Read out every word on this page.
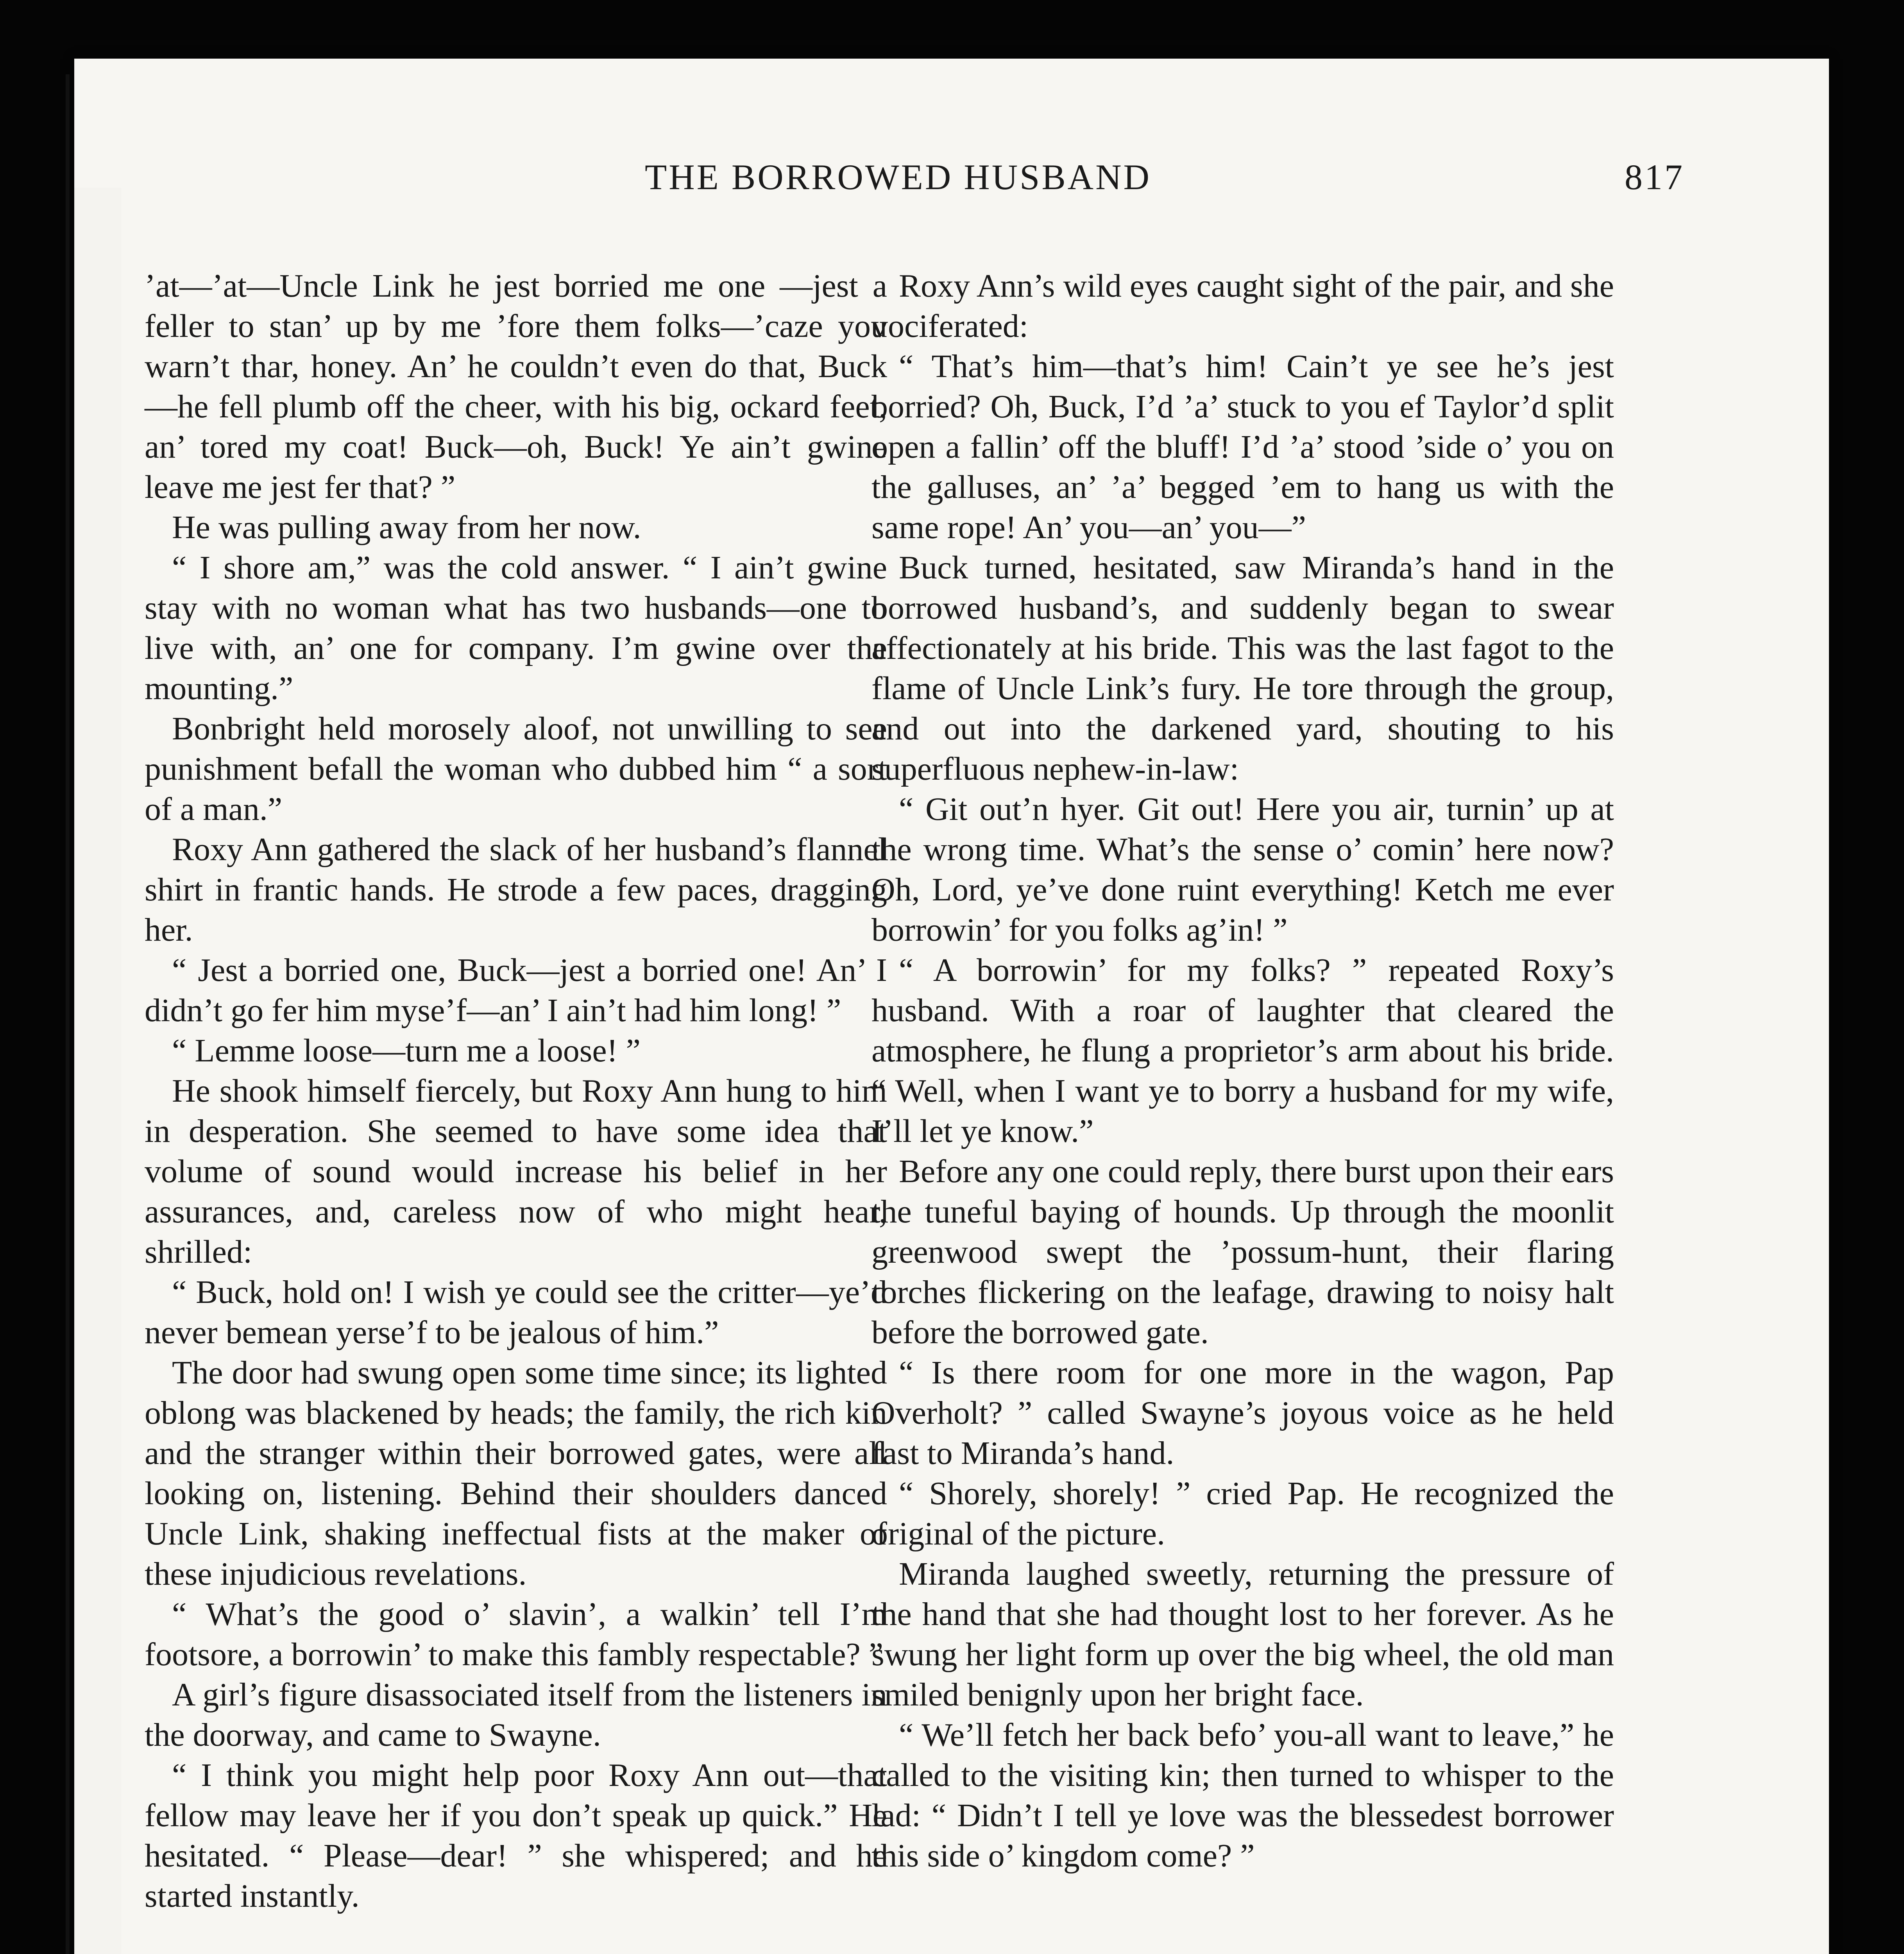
THE BORROWED HUSBAND	817

’at—’at—Uncle Link he jest borried me one —jest a feller to stan’ up by me ’fore them folks—’caze you warn’t thar, honey. An’ he couldn’t even do that, Buck—he fell plumb off the cheer, with his big, ockard feet, an’ tored my coat! Buck—oh, Buck! Ye ain’t gwine leave me jest fer that? ”

He was pulling away from her now.

“ I shore am,” was the cold answer. “ I ain’t gwine stay with no woman what has two husbands—one to live with, an’ one for company. I’m gwine over the mounting.”

Bonbright held morosely aloof, not unwilling to see punishment befall the woman who dubbed him “ a sort of a man.”

Roxy Ann gathered the slack of her husband’s flannel shirt in frantic hands. He strode a few paces, dragging her.

“ Jest a borried one, Buck—jest a borried one! An’ I didn’t go fer him myse’f—an’ I ain’t had him long! ”

“ Lemme loose—turn me a loose! ”

He shook himself fiercely, but Roxy Ann hung to him in desperation. She seemed to have some idea that volume of sound would increase his belief in her assurances, and, careless now of who might hear, shrilled:

“ Buck, hold on! I wish ye could see the critter—ye’d never bemean yerse’f to be jealous of him.”

The door had swung open some time since; its lighted oblong was blackened by heads; the family, the rich kin and the stranger within their borrowed gates, were all looking on, listening. Behind their shoulders danced Uncle Link, shaking ineffectual fists at the maker of these injudicious revelations.

“ What’s the good o’ slavin’, a walkin’ tell I’m footsore, a borrowin’ to make this fambly respectable? ”

A girl’s figure disassociated itself from the listeners in the doorway, and came to Swayne.

“ I think you might help poor Roxy Ann out—that fellow may leave her if you don’t speak up quick.” He hesitated. “ Please—dear! ” she whispered; and he started instantly.

Roxy Ann’s wild eyes caught sight of the pair, and she vociferated:

“ That’s him—that’s him! Cain’t ye see he’s jest borried? Oh, Buck, I’d ’a’ stuck to you ef Taylor’d split open a fallin’ off the bluff! I’d ’a’ stood ’side o’ you on the galluses, an’ ’a’ begged ’em to hang us with the same rope! An’ you—an’ you—”

Buck turned, hesitated, saw Miranda’s hand in the borrowed husband’s, and suddenly began to swear affectionately at his bride. This was the last fagot to the flame of Uncle Link’s fury. He tore through the group, and out into the darkened yard, shouting to his superfluous nephew-in-law:

“ Git out’n hyer. Git out! Here you air, turnin’ up at the wrong time. What’s the sense o’ comin’ here now? Oh, Lord, ye’ve done ruint everything! Ketch me ever borrowin’ for you folks ag’in! ”

“ A borrowin’ for my folks? ” repeated Roxy’s husband. With a roar of laughter that cleared the atmosphere, he flung a proprietor’s arm about his bride. “ Well, when I want ye to borry a husband for my wife, I’ll let ye know.”

Before any one could reply, there burst upon their ears the tuneful baying of hounds. Up through the moonlit greenwood swept the ’possum-hunt, their flaring torches flickering on the leafage, drawing to noisy halt before the borrowed gate.

“ Is there room for one more in the wagon, Pap Overholt? ” called Swayne’s joyous voice as he held fast to Miranda’s hand.

“ Shorely, shorely! ” cried Pap. He recognized the original of the picture.

Miranda laughed sweetly, returning the pressure of the hand that she had thought lost to her forever. As he swung her light form up over the big wheel, the old man smiled benignly upon her bright face.

“ We’ll fetch her back befo’ you-all want to leave,” he called to the visiting kin; then turned to whisper to the lad: “ Didn’t I tell ye love was the blessedest borrower this side o’ kingdom come? ”
